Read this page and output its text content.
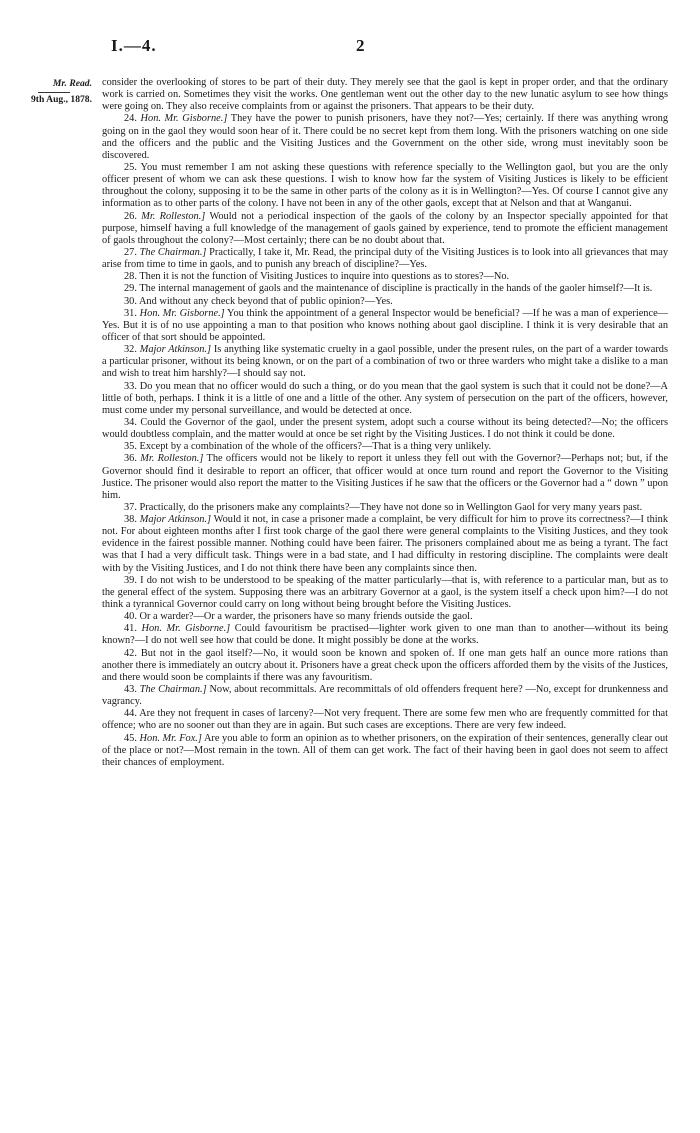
I.—4.	2
Mr. Read.
9th Aug., 1878.

consider the overlooking of stores to be part of their duty. They merely see that the gaol is kept in proper order, and that the ordinary work is carried on. Sometimes they visit the works. One gentleman went out the other day to the new lunatic asylum to see how things were going on. They also receive complaints from or against the prisoners. That appears to be their duty.

24. Hon. Mr. Gisborne.] They have the power to punish prisoners, have they not?—Yes; certainly. If there was anything wrong going on in the gaol they would soon hear of it. There could be no secret kept from them long. With the prisoners watching on one side and the officers and the public and the Visiting Justices and the Government on the other side, wrong must inevitably soon be discovered.

25. You must remember I am not asking these questions with reference specially to the Wellington gaol, but you are the only officer present of whom we can ask these questions. I wish to know how far the system of Visiting Justices is likely to be efficient throughout the colony, supposing it to be the same in other parts of the colony as it is in Wellington?—Yes. Of course I cannot give any information as to other parts of the colony. I have not been in any of the other gaols, except that at Nelson and that at Wanganui.

26. Mr. Rolleston.] Would not a periodical inspection of the gaols of the colony by an Inspector specially appointed for that purpose, himself having a full knowledge of the management of gaols gained by experience, tend to promote the efficient management of gaols throughout the colony?—Most certainly; there can be no doubt about that.

27. The Chairman.] Practically, I take it, Mr. Read, the principal duty of the Visiting Justices is to look into all grievances that may arise from time to time in gaols, and to punish any breach of discipline?—Yes.

28. Then it is not the function of Visiting Justices to inquire into questions as to stores?—No.

29. The internal management of gaols and the maintenance of discipline is practically in the hands of the gaoler himself?—It is.

30. And without any check beyond that of public opinion?—Yes.

31. Hon. Mr. Gisborne.] You think the appointment of a general Inspector would be beneficial? —If he was a man of experience—Yes. But it is of no use appointing a man to that position who knows nothing about gaol discipline. I think it is very desirable that an officer of that sort should be appointed.

32. Major Atkinson.] Is anything like systematic cruelty in a gaol possible, under the present rules, on the part of a warder towards a particular prisoner, without its being known, or on the part of a combination of two or three warders who might take a dislike to a man and wish to treat him harshly?—I should say not.

33. Do you mean that no officer would do such a thing, or do you mean that the gaol system is such that it could not be done?—A little of both, perhaps. I think it is a little of one and a little of the other. Any system of persecution on the part of the officers, however, must come under my personal surveillance, and would be detected at once.

34. Could the Governor of the gaol, under the present system, adopt such a course without its being detected?—No; the officers would doubtless complain, and the matter would at once be set right by the Visiting Justices. I do not think it could be done.

35. Except by a combination of the whole of the officers?—That is a thing very unlikely.

36. Mr. Rolleston.] The officers would not be likely to report it unless they fell out with the Governor?—Perhaps not; but, if the Governor should find it desirable to report an officer, that officer would at once turn round and report the Governor to the Visiting Justice. The prisoner would also report the matter to the Visiting Justices if he saw that the officers or the Governor had a “ down ” upon him.

37. Practically, do the prisoners make any complaints?—They have not done so in Wellington Gaol for very many years past.

38. Major Atkinson.] Would it not, in case a prisoner made a complaint, be very difficult for him to prove its correctness?—I think not. For about eighteen months after I first took charge of the gaol there were general complaints to the Visiting Justices, and they took evidence in the fairest possible manner. Nothing could have been fairer. The prisoners complained about me as being a tyrant. The fact was that I had a very difficult task. Things were in a bad state, and I had difficulty in restoring discipline. The complaints were dealt with by the Visiting Justices, and I do not think there have been any complaints since then.

39. I do not wish to be understood to be speaking of the matter particularly—that is, with reference to a particular man, but as to the general effect of the system. Supposing there was an arbitrary Governor at a gaol, is the system itself a check upon him?—I do not think a tyrannical Governor could carry on long without being brought before the Visiting Justices.

40. Or a warder?—Or a warder, the prisoners have so many friends outside the gaol.

41. Hon. Mr. Gisborne.] Could favouritism be practised—lighter work given to one man than to another—without its being known?—I do not well see how that could be done. It might possibly be done at the works.

42. But not in the gaol itself?—No, it would soon be known and spoken of. If one man gets half an ounce more rations than another there is immediately an outcry about it. Prisoners have a great check upon the officers afforded them by the visits of the Justices, and there would soon be complaints if there was any favouritism.

43. The Chairman.] Now, about recommittals. Are recommittals of old offenders frequent here? —No, except for drunkenness and vagrancy.

44. Are they not frequent in cases of larceny?—Not very frequent. There are some few men who are frequently committed for that offence; who are no sooner out than they are in again. But such cases are exceptions. There are very few indeed.

45. Hon. Mr. Fox.] Are you able to form an opinion as to whether prisoners, on the expiration of their sentences, generally clear out of the place or not?—Most remain in the town. All of them can get work. The fact of their having been in gaol does not seem to affect their chances of employment.
